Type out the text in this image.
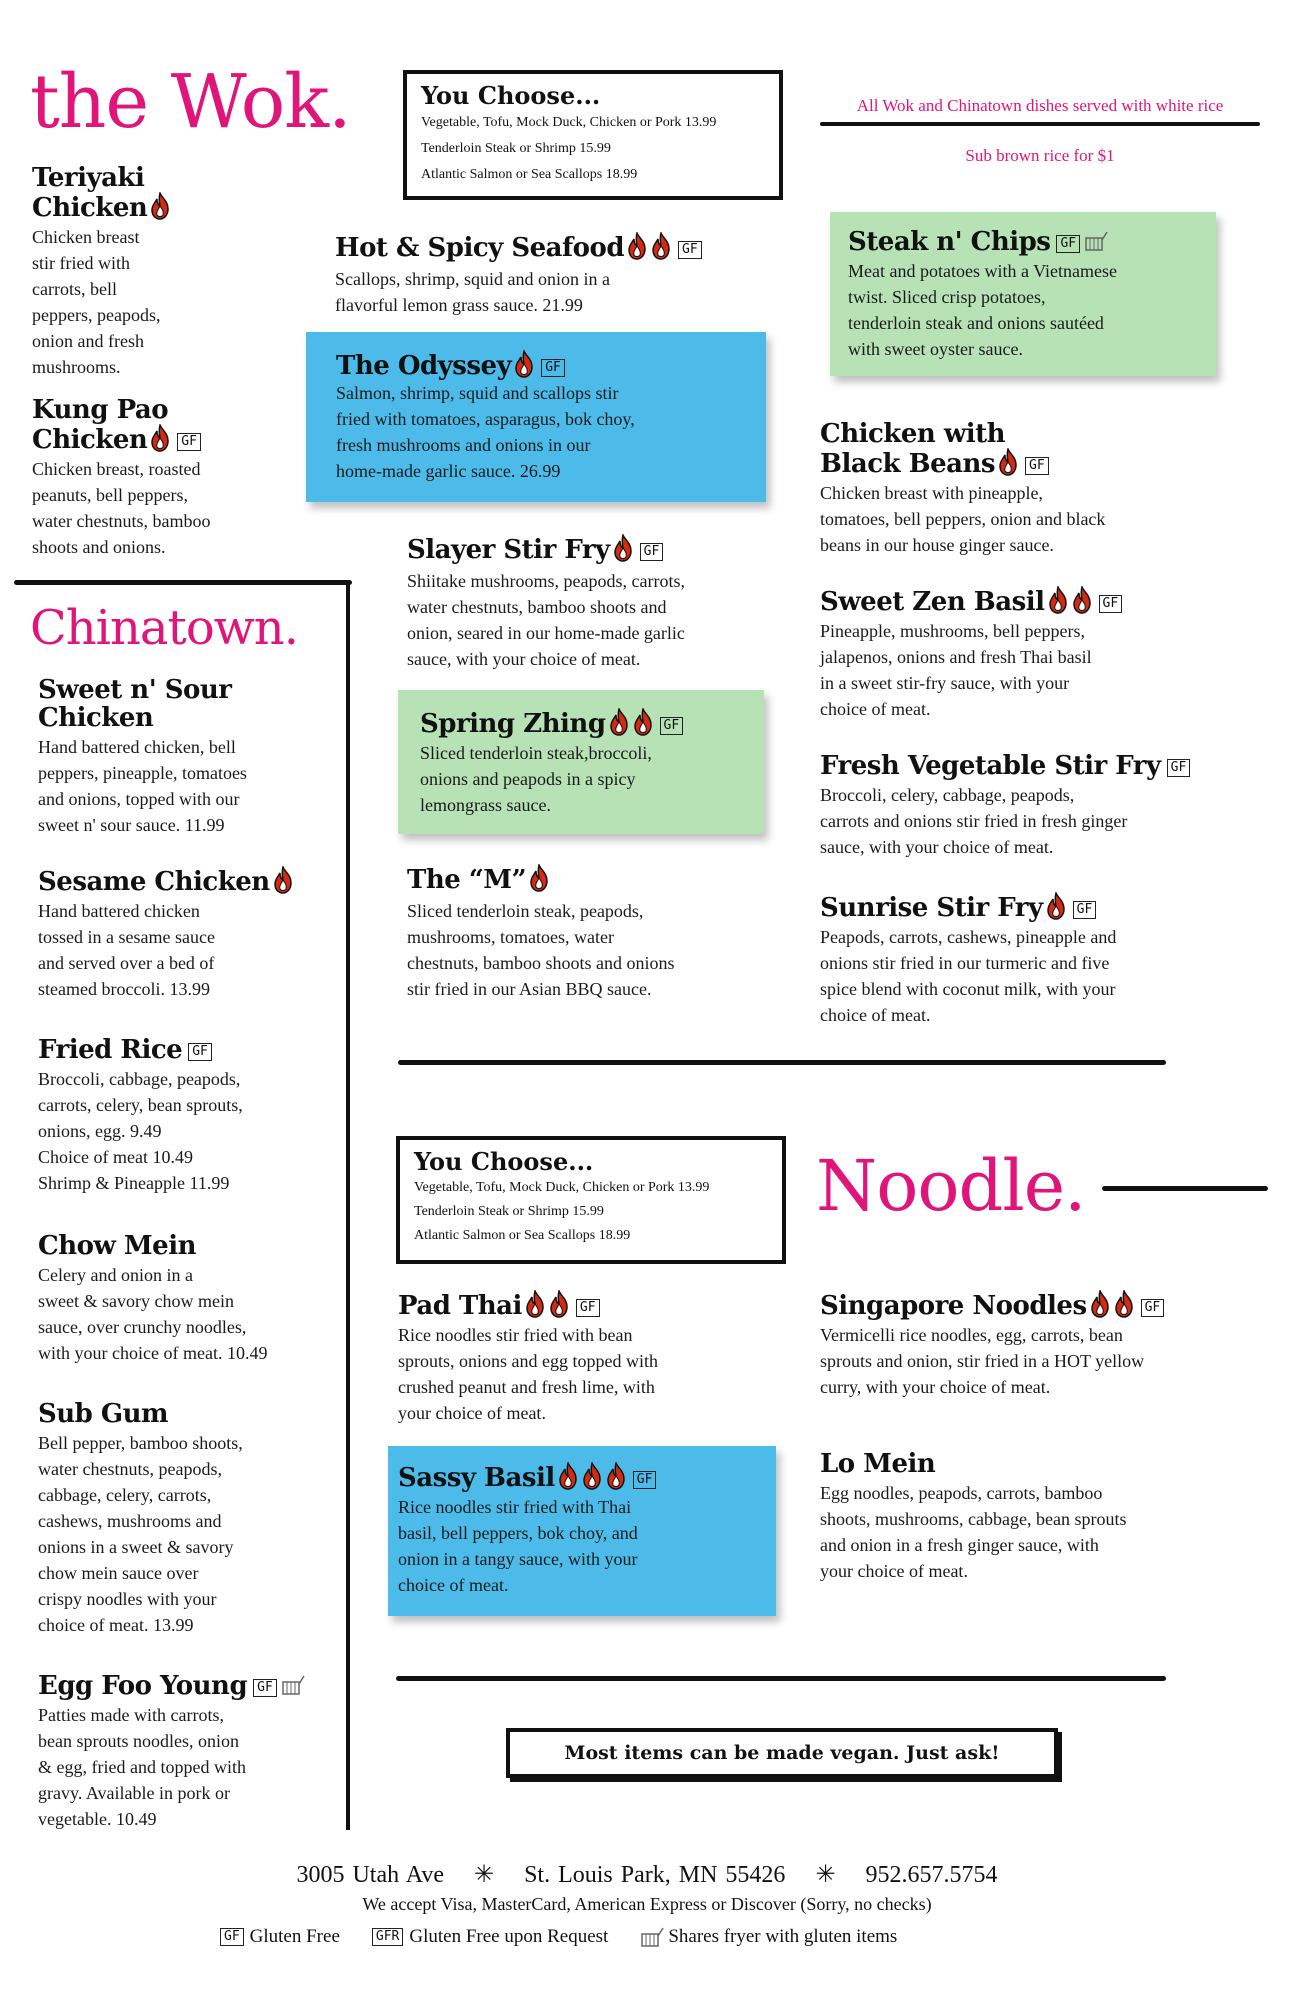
the Wok.
Teriyaki
Chicken
Chicken breast
stir fried with
carrots, bell
peppers, peapods,
onion and fresh
mushrooms.
Kung Pao
Chicken	GF
Chicken breast, roasted
peanuts, bell peppers,
water chestnuts, bamboo
shoots and onions.
You Choose...
Vegetable, Tofu, Mock Duck, Chicken or Pork 13.99
Tenderloin Steak or Shrimp 15.99
Atlantic Salmon or Sea Scallops 18.99
All Wok and Chinatown dishes served with white rice
Sub brown rice for $1
Hot & Spicy Seafood	GF
Scallops, shrimp, squid and onion in a
flavorful lemon grass sauce. 21.99
The Odyssey	GF
Salmon, shrimp, squid and scallops stir
fried with tomatoes, asparagus, bok choy,
fresh mushrooms and onions in our
home-made garlic sauce. 26.99
Steak n' Chips GF
Meat and potatoes with a Vietnamese
twist. Sliced crisp potatoes,
tenderloin steak and onions sautéed
with sweet oyster sauce.
Chicken with
Black Beans	GF
Chicken breast with pineapple,
tomatoes, bell peppers, onion and black
beans in our house ginger sauce.
Slayer Stir Fry	GF
Shiitake mushrooms, peapods, carrots,
water chestnuts, bamboo shoots and
onion, seared in our home-made garlic
sauce, with your choice of meat.
Sweet Zen Basil	GF
Pineapple, mushrooms, bell peppers,
jalapenos, onions and fresh Thai basil
in a sweet stir-fry sauce, with your
choice of meat.
Spring Zhing	GF
Sliced tenderloin steak,broccoli,
onions and peapods in a spicy
lemongrass sauce.
Fresh Vegetable Stir Fry GF
Broccoli, celery, cabbage, peapods,
carrots and onions stir fried in fresh ginger
sauce, with your choice of meat.
The “M”
Sliced tenderloin steak, peapods,
mushrooms, tomatoes, water
chestnuts, bamboo shoots and onions
stir fried in our Asian BBQ sauce.
Sunrise Stir Fry	GF
Peapods, carrots, cashews, pineapple and
onions stir fried in our turmeric and five
spice blend with coconut milk, with your
choice of meat.
Chinatown.
Sweet n' Sour
Chicken
Hand battered chicken, bell
peppers, pineapple, tomatoes
and onions, topped with our
sweet n' sour sauce. 11.99
Sesame Chicken
Hand battered chicken
tossed in a sesame sauce
and served over a bed of
steamed broccoli. 13.99
Fried Rice GF
Broccoli, cabbage, peapods,
carrots, celery, bean sprouts,
onions, egg. 9.49
Choice of meat 10.49
Shrimp & Pineapple 11.99
Chow Mein
Celery and onion in a
sweet & savory chow mein
sauce, over crunchy noodles,
with your choice of meat. 10.49
Sub Gum
Bell pepper, bamboo shoots,
water chestnuts, peapods,
cabbage, celery, carrots,
cashews, mushrooms and
onions in a sweet & savory
chow mein sauce over
crispy noodles with your
choice of meat. 13.99
Egg Foo Young GF
Patties made with carrots,
bean sprouts noodles, onion
& egg, fried and topped with
gravy. Available in pork or
vegetable. 10.49
You Choose...
Vegetable, Tofu, Mock Duck, Chicken or Pork 13.99
Tenderloin Steak or Shrimp 15.99
Atlantic Salmon or Sea Scallops 18.99
Noodle.
Pad Thai	GF
Rice noodles stir fried with bean
sprouts, onions and egg topped with
crushed peanut and fresh lime, with
your choice of meat.
Singapore Noodles	GF
Vermicelli rice noodles, egg, carrots, bean
sprouts and onion, stir fried in a HOT yellow
curry, with your choice of meat.
Sassy Basil	GF
Rice noodles stir fried with Thai
basil, bell peppers, bok choy, and
onion in a tangy sauce, with your
choice of meat.
Lo Mein
Egg noodles, peapods, carrots, bamboo
shoots, mushrooms, cabbage, bean sprouts
and onion in a fresh ginger sauce, with
your choice of meat.
Most items can be made vegan. Just ask!
3005 Utah Ave ✳ St. Louis Park, MN 55426 ✳ 952.657.5754
We accept Visa, MasterCard, American Express or Discover (Sorry, no checks)
GF Gluten Free	GFR Gluten Free upon Request	Shares fryer with gluten items
